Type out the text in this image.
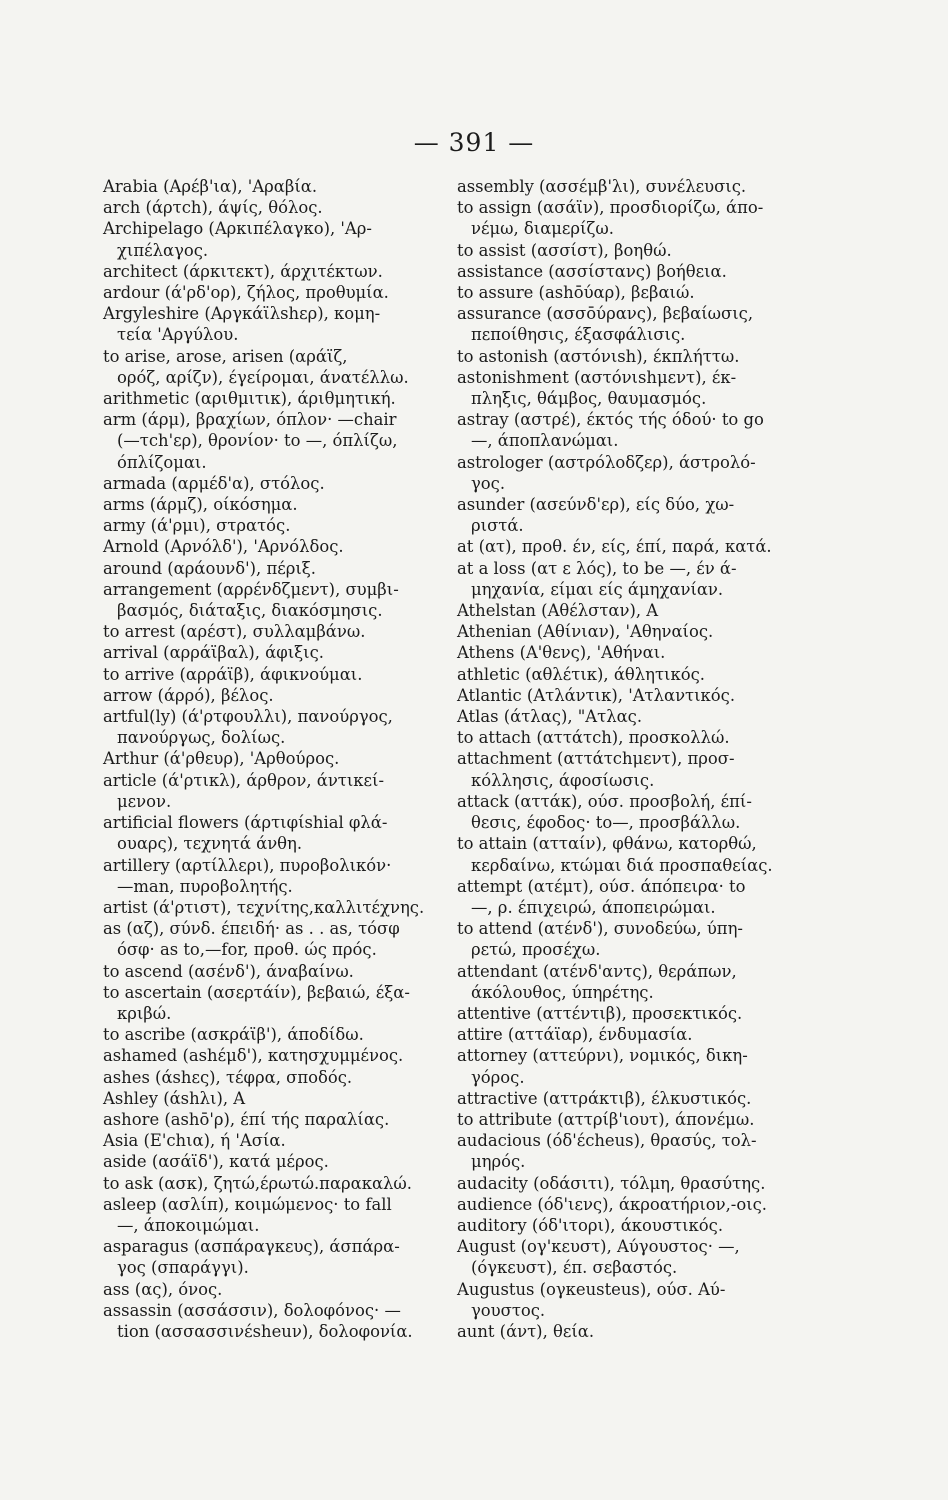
— 391 —
Arabia (Aρέβ'ια), 'Αραβία.
arch (άρτch), άψίς, θόλος.
Archipelago (Aρκιπέλαγκο), 'Αρ-
χιπέλαγος.
architect (άρκιτεκτ), άρχιτέκτων.
ardour (ά'ρδ'ορ), ζήλος, προθυμία.
Argyleshire (Aργκάϊλshερ), κομη-
τεία 'Αργύλου.
to arise, arose, arisen (αράϊζ,
ορόζ, αρίζν), έγείρομαι, άνατέλλω.
arithmetic (αριθμιτικ), άριθμητική.
arm (άρμ), βραχίων, όπλον· —chair
(—τch'ερ), θρονίον· to —, όπλίζω,
όπλίζομαι.
armada (αρμέδ'α), στόλος.
arms (άρμζ), οίκόσημα.
army (ά'ρμι), στρατός.
Arnold (Aρνόλδ'), 'Αρνόλδος.
around (αράουνδ'), πέριξ.
arrangement (αρρένδζμεντ), συμβι-
βασμός, διάταξις, διακόσμησις.
to arrest (αρέστ), συλλαμβάνω.
arrival (αρράϊβαλ), άφιξις.
to arrive (αρράϊβ), άφικνούμαι.
arrow (άρρό), βέλος.
artful(ly) (ά'ρτφουλλι), πανούργος,
πανούργως, δολίως.
Arthur (ά'ρθευρ), 'Αρθούρος.
article (ά'ρτικλ), άρθρον, άντικεί-
μενον.
artificial flowers (άρτιφίshial φλά-
ουαρς), τεχνητά άνθη.
artillery (αρτίλλερι), πυροβολικόν·
—man, πυροβολητής.
artist (ά'ρτιστ), τεχνίτης,καλλιτέχνης.
as (αζ), σύνδ. έπειδή· as . . as, τόσφ
όσφ· as to,—for, προθ. ώς πρός.
to ascend (ασένδ'), άναβαίνω.
to ascertain (ασερτάίν), βεβαιώ, έξα-
κριβώ.
to ascribe (ασκράϊβ'), άποδίδω.
ashamed (ashέμδ'), κατησχυμμένος.
ashes (άshες), τέφρα, σποδός.
Ashley (άshλι), Α
ashore (ashō'ρ), έπί τής παραλίας.
Asia (E'chια), ή 'Ασία.
aside (ασάϊδ'), κατά μέρος.
to ask (ασκ), ζητώ,έρωτώ.παρακαλώ.
asleep (ασλίπ), κοιμώμενος· to fall
—, άποκοιμώμαι.
asparagus (ασπάραγκευς), άσπάρα-
γος (σπαράγγι).
ass (ας), όνος.
assassin (ασσάσσιν), δολοφόνος· —
tion (ασσασσινέsheuν), δολοφονία.
assembly (ασσέμβ'λι), συνέλευσις.
to assign (ασάϊν), προσδιορίζω, άπο-
νέμω, διαμερίζω.
to assist (ασσίστ), βοηθώ.
assistance (ασσίστανς) βοήθεια.
to assure (ashōύαρ), βεβαιώ.
assurance (ασσōύρανς), βεβαίωσις,
πεποίθησις, έξασφάλισις.
to astonish (αστόνιsh), έκπλήττω.
astonishment (αστόνιshμεντ), έκ-
πληξις, θάμβος, θαυμασμός.
astray (αστρέ), έκτός τής όδού· to go
—, άποπλανώμαι.
astrologer (αστρόλοδζερ), άστρολό-
γος.
asunder (ασεύνδ'ερ), είς δύο, χω-
ριστά.
at (ατ), προθ. έν, είς, έπί, παρά, κατά.
at a loss (ατ ε λός), to be —, έν ά-
μηχανία, είμαι είς άμηχανίαν.
Athelstan (Aθέλσταν), Α
Athenian (Aθίνιαν), 'Αθηναίος.
Athens (A'θενς), 'Αθήναι.
athletic (αθλέτικ), άθλητικός.
Atlantic (Ατλάντικ), 'Ατλαντικός.
Atlas (άτλας), "Ατλας.
to attach (αττάτch), προσκολλώ.
attachment (αττάτchμεντ), προσ-
κόλλησις, άφοσίωσις.
attack (αττάκ), ούσ. προσβολή, έπί-
θεσις, έφοδος· to—, προσβάλλω.
to attain (ατταίν), φθάνω, κατορθώ,
κερδαίνω, κτώμαι διά προσπαθείας.
attempt (ατέμτ), ούσ. άπόπειρα· to
—, ρ. έπιχειρώ, άποπειρώμαι.
to attend (ατένδ'), συνοδεύω, ύπη-
ρετώ, προσέχω.
attendant (ατένδ'αντς), θεράπων,
άκόλουθος, ύπηρέτης.
attentive (αττέντιβ), προσεκτικός.
attire (αττάϊαρ), ένδυμασία.
attorney (αττεύρνι), νομικός, δικη-
γόρος.
attractive (αττράκτιβ), έλκυστικός.
to attribute (αττρίβ'ιουτ), άπονέμω.
audacious (όδ'έcheus), θρασύς, τολ-
μηρός.
audacity (οδάσιτι), τόλμη, θρασύτης.
audience (όδ'ιενς), άκροατήριον,-οις.
auditory (όδ'ιτορι), άκουστικός.
August (ογ'κευστ), Αύγουστος· —,
(όγκευστ), έπ. σεβαστός.
Augustus (ογκeusteus), ούσ. Αύ-
γουστος.
aunt (άντ), θεία.
